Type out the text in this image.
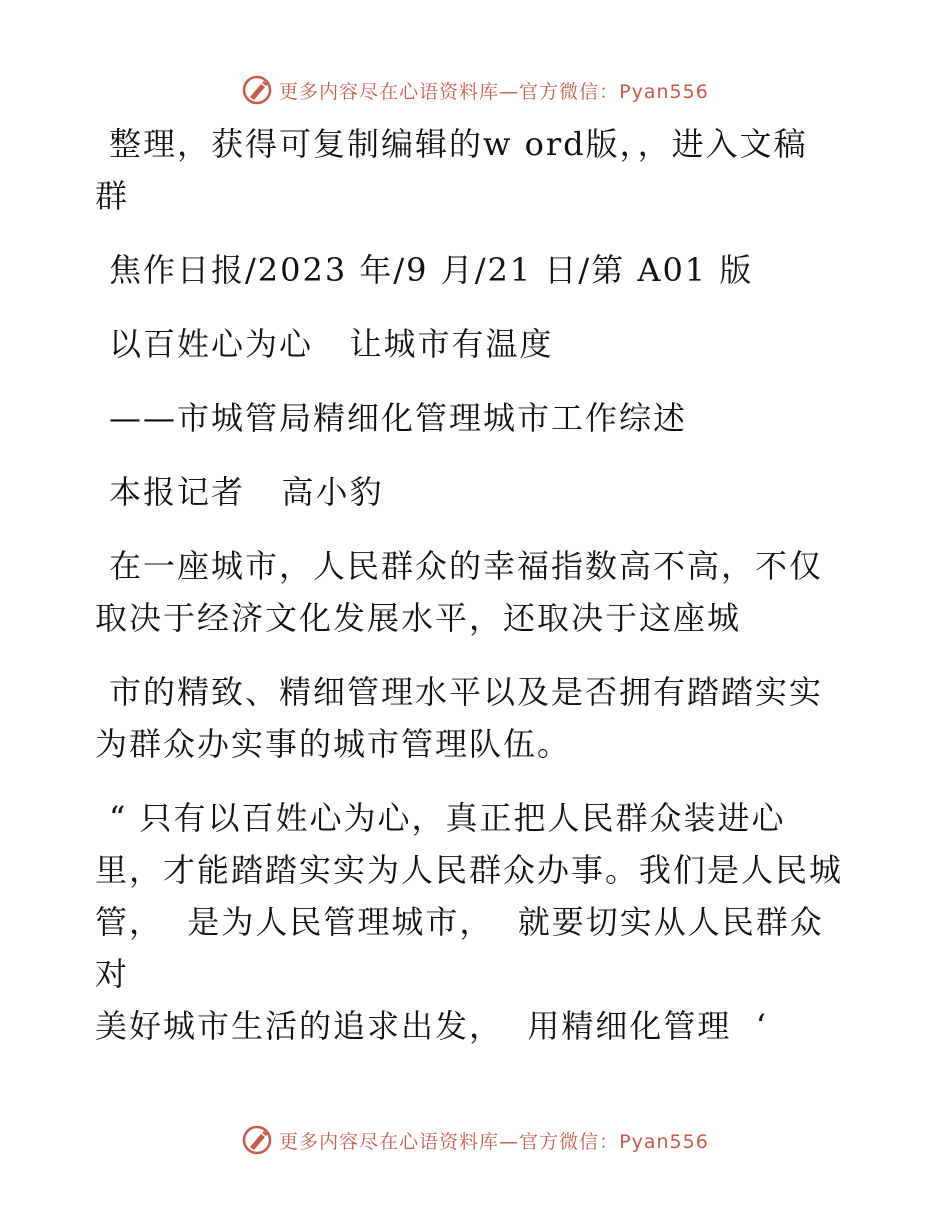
更多内容尽在心语资料库—官方微信：Pyan556

整理，获得可复制编辑的w ord版，，进入文稿

群

焦作日报/2023 年/9 月/21 日/第 A01 版

以百姓心为心   让城市有温度

——市城管局精细化管理城市工作综述

本报记者   高小豹

在一座城市，人民群众的幸福指数高不高，不仅

取决于经济文化发展水平，还取决于这座城

市的精致、精细管理水平以及是否拥有踏踏实实

为群众办实事的城市管理队伍。

“ 只有以百姓心为心，真正把人民群众装进心

里，才能踏踏实实为人民群众办事。我们是人民城

管，  是为人民管理城市，  就要切实从人民群众对

美好城市生活的追求出发，  用精细化管理  ‘

更多内容尽在心语资料库—官方微信：Pyan556
